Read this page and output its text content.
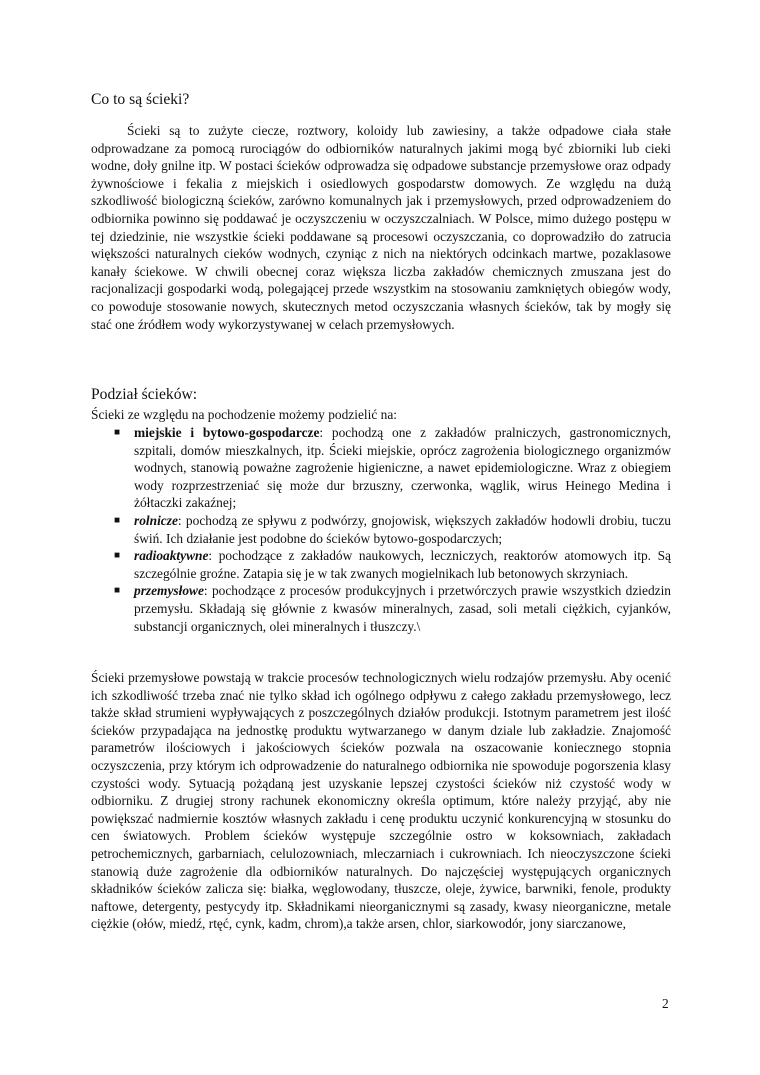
Co to są ścieki?

Ścieki są to zużyte ciecze, roztwory, koloidy lub zawiesiny, a także odpadowe ciała stałe odprowadzane za pomocą rurociągów do odbiorników naturalnych jakimi mogą być zbiorniki lub cieki wodne, doły gnilne itp. W postaci ścieków odprowadza się odpadowe substancje przemysłowe oraz odpady żywnościowe i fekalia z miejskich i osiedlowych gospodarstw domowych. Ze względu na dużą szkodliwość biologiczną ścieków, zarówno komunalnych jak i przemysłowych, przed odprowadzeniem do odbiornika powinno się poddawać je oczyszczeniu w oczyszczalniach. W Polsce, mimo dużego postępu w tej dziedzinie, nie wszystkie ścieki poddawane są procesowi oczyszczania, co doprowadziło do zatrucia większości naturalnych cieków wodnych, czyniąc z nich na niektórych odcinkach martwe, pozaklasowe kanały ściekowe. W chwili obecnej coraz większa liczba zakładów chemicznych zmuszana jest do racjonalizacji gospodarki wodą, polegającej przede wszystkim na stosowaniu zamkniętych obiegów wody, co powoduje stosowanie nowych, skutecznych metod oczyszczania własnych ścieków, tak by mogły się stać one źródłem wody wykorzystywanej w celach przemysłowych.

Podział ścieków:

Ścieki ze względu na pochodzenie możemy podzielić na:

■ miejskie i bytowo-gospodarcze: pochodzą one z zakładów pralniczych, gastronomicznych, szpitali, domów mieszkalnych, itp. Ścieki miejskie, oprócz zagrożenia biologicznego organizmów wodnych, stanowią poważne zagrożenie higieniczne, a nawet epidemiologiczne. Wraz z obiegiem wody rozprzestrzeniać się może dur brzuszny, czerwonka, wąglik, wirus Heinego Medina i żółtaczki zakaźnej;
■ rolnicze: pochodzą ze spływu z podwórzy, gnojowisk, większych zakładów hodowli drobiu, tuczu świń. Ich działanie jest podobne do ścieków bytowo-gospodarczych;
■ radioaktywne: pochodzące z zakładów naukowych, leczniczych, reaktorów atomowych itp. Są szczególnie groźne. Zatapia się je w tak zwanych mogielnikach lub betonowych skrzyniach.
■ przemysłowe: pochodzące z procesów produkcyjnych i przetwórczych prawie wszystkich dziedzin przemysłu. Składają się głównie z kwasów mineralnych, zasad, soli metali ciężkich, cyjanków, substancji organicznych, olei mineralnych i tłuszczy.\

Ścieki przemysłowe powstają w trakcie procesów technologicznych wielu rodzajów przemysłu. Aby ocenić ich szkodliwość trzeba znać nie tylko skład ich ogólnego odpływu z całego zakładu przemysłowego, lecz także skład strumieni wypływających z poszczególnych działów produkcji. Istotnym parametrem jest ilość ścieków przypadająca na jednostkę produktu wytwarzanego w danym dziale lub zakładzie. Znajomość parametrów ilościowych i jakościowych ścieków pozwala na oszacowanie koniecznego stopnia oczyszczenia, przy którym ich odprowadzenie do naturalnego odbiornika nie spowoduje pogorszenia klasy czystości wody. Sytuacją pożądaną jest uzyskanie lepszej czystości ścieków niż czystość wody w odbiorniku. Z drugiej strony rachunek ekonomiczny określa optimum, które należy przyjąć, aby nie powiększać nadmiernie kosztów własnych zakładu i cenę produktu uczynić konkurencyjną w stosunku do cen światowych. Problem ścieków występuje szczególnie ostro w koksowniach, zakładach petrochemicznych, garbarniach, celulozowniach, mleczarniach i cukrowniach. Ich nieoczyszczone ścieki stanowią duże zagrożenie dla odbiorników naturalnych. Do najczęściej występujących organicznych składników ścieków zalicza się: białka, węglowodany, tłuszcze, oleje, żywice, barwniki, fenole, produkty naftowe, detergenty, pestycydy itp. Składnikami nieorganicznymi są zasady, kwasy nieorganiczne, metale ciężkie (ołów, miedź, rtęć, cynk, kadm, chrom),a także arsen, chlor, siarkowodór, jony siarczanowe,

2
